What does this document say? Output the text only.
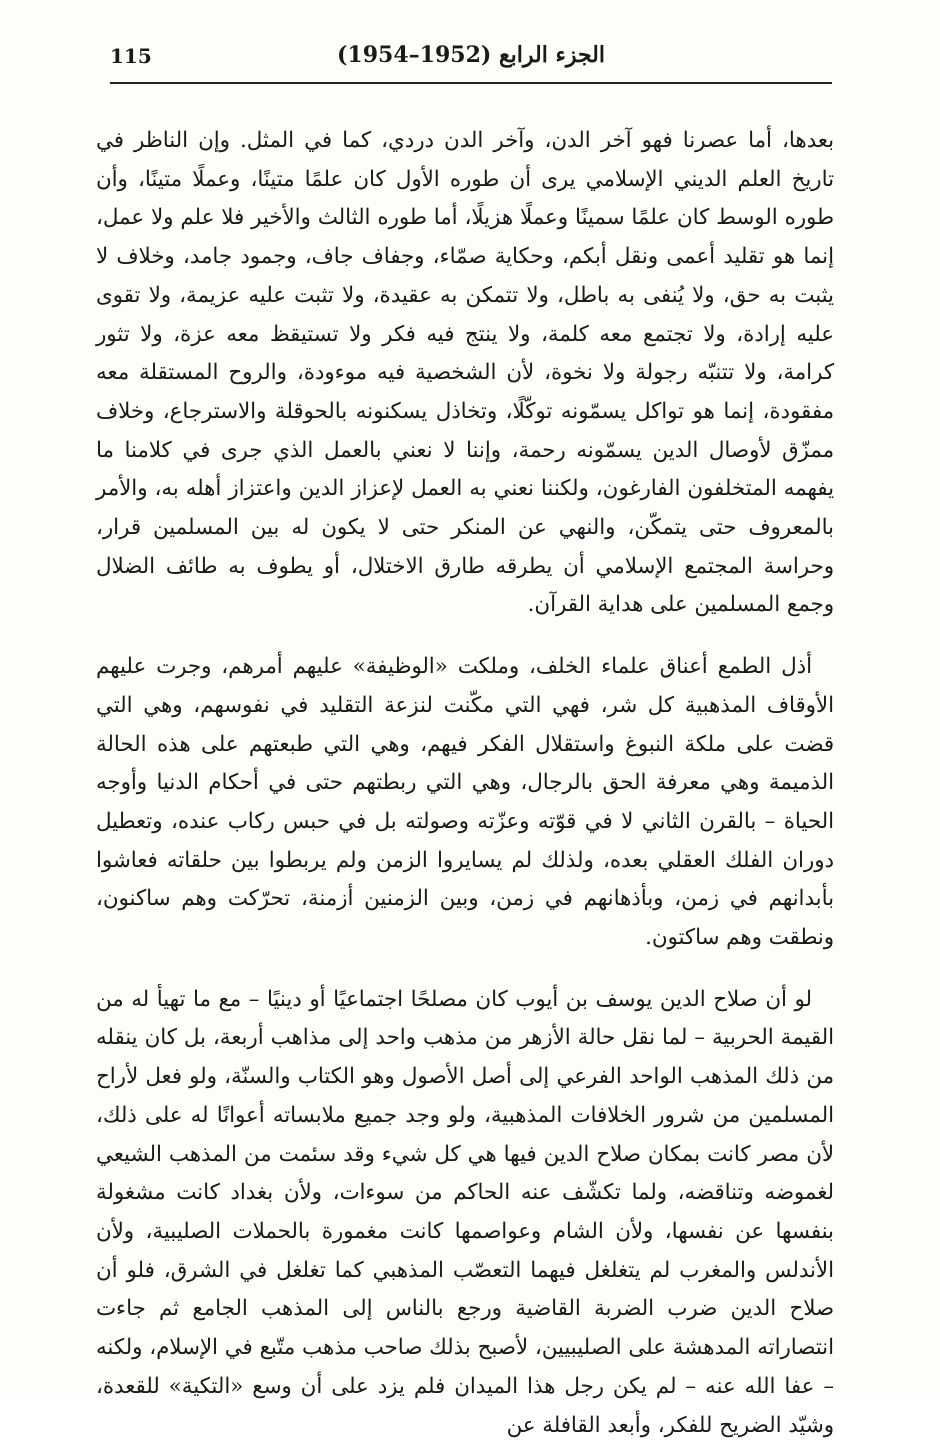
115	الجزء الرابع (1952–1954)

بعدها، أما عصرنا فهو آخر الدن، وآخر الدن دردي، كما في المثل. وإن الناظر في تاريخ العلم الديني الإسلامي يرى أن طوره الأول كان علمًا متينًا، وعملًا متينًا، وأن طوره الوسط كان علمًا سمينًا وعملًا هزيلًا، أما طوره الثالث والأخير فلا علم ولا عمل، إنما هو تقليد أعمى ونقل أبكم، وحكاية صمّاء، وجفاف جاف، وجمود جامد، وخلاف لا يثبت به حق، ولا يُنفى به باطل، ولا تتمكن به عقيدة، ولا تثبت عليه عزيمة، ولا تقوى عليه إرادة، ولا تجتمع معه كلمة، ولا ينتج فيه فكر ولا تستيقظ معه عزة، ولا تثور كرامة، ولا تتنبّه رجولة ولا نخوة، لأن الشخصية فيه موءودة، والروح المستقلة معه مفقودة، إنما هو تواكل يسمّونه توكّلًا، وتخاذل يسكنونه بالحوقلة والاسترجاع، وخلاف ممزّق لأوصال الدين يسمّونه رحمة، وإننا لا نعني بالعمل الذي جرى في كلامنا ما يفهمه المتخلفون الفارغون، ولكننا نعني به العمل لإعزاز الدين واعتزاز أهله به، والأمر بالمعروف حتى يتمكّن، والنهي عن المنكر حتى لا يكون له بين المسلمين قرار، وحراسة المجتمع الإسلامي أن يطرقه طارق الاختلال، أو يطوف به طائف الضلال وجمع المسلمين على هداية القرآن.

أذل الطمع أعناق علماء الخلف، وملكت «الوظيفة» عليهم أمرهم، وجرت عليهم الأوقاف المذهبية كل شر، فهي التي مكّنت لنزعة التقليد في نفوسهم، وهي التي قضت على ملكة النبوغ واستقلال الفكر فيهم، وهي التي طبعتهم على هذه الحالة الذميمة وهي معرفة الحق بالرجال، وهي التي ربطتهم حتى في أحكام الدنيا وأوجه الحياة – بالقرن الثاني لا في قوّته وعزّته وصولته بل في حبس ركاب عنده، وتعطيل دوران الفلك العقلي بعده، ولذلك لم يسايروا الزمن ولم يربطوا بين حلقاته فعاشوا بأبدانهم في زمن، وبأذهانهم في زمن، وبين الزمنين أزمنة، تحرّكت وهم ساكنون، ونطقت وهم ساكتون.

لو أن صلاح الدين يوسف بن أيوب كان مصلحًا اجتماعيًا أو دينيًا – مع ما تهيأ له من القيمة الحربية – لما نقل حالة الأزهر من مذهب واحد إلى مذاهب أربعة، بل كان ينقله من ذلك المذهب الواحد الفرعي إلى أصل الأصول وهو الكتاب والسنّة، ولو فعل لأراح المسلمين من شرور الخلافات المذهبية، ولو وجد جميع ملابساته أعوانًا له على ذلك، لأن مصر كانت بمكان صلاح الدين فيها هي كل شيء وقد سئمت من المذهب الشيعي لغموضه وتناقضه، ولما تكشّف عنه الحاكم من سوءات، ولأن بغداد كانت مشغولة بنفسها عن نفسها، ولأن الشام وعواصمها كانت مغمورة بالحملات الصليبية، ولأن الأندلس والمغرب لم يتغلغل فيهما التعصّب المذهبي كما تغلغل في الشرق، فلو أن صلاح الدين ضرب الضربة القاضية ورجع بالناس إلى المذهب الجامع ثم جاءت انتصاراته المدهشة على الصليبيين، لأصبح بذلك صاحب مذهب متّبع في الإسلام، ولكنه – عفا الله عنه – لم يكن رجل هذا الميدان فلم يزد على أن وسع «التكية» للقعدة، وشيّد الضريح للفكر، وأبعد القافلة عن
